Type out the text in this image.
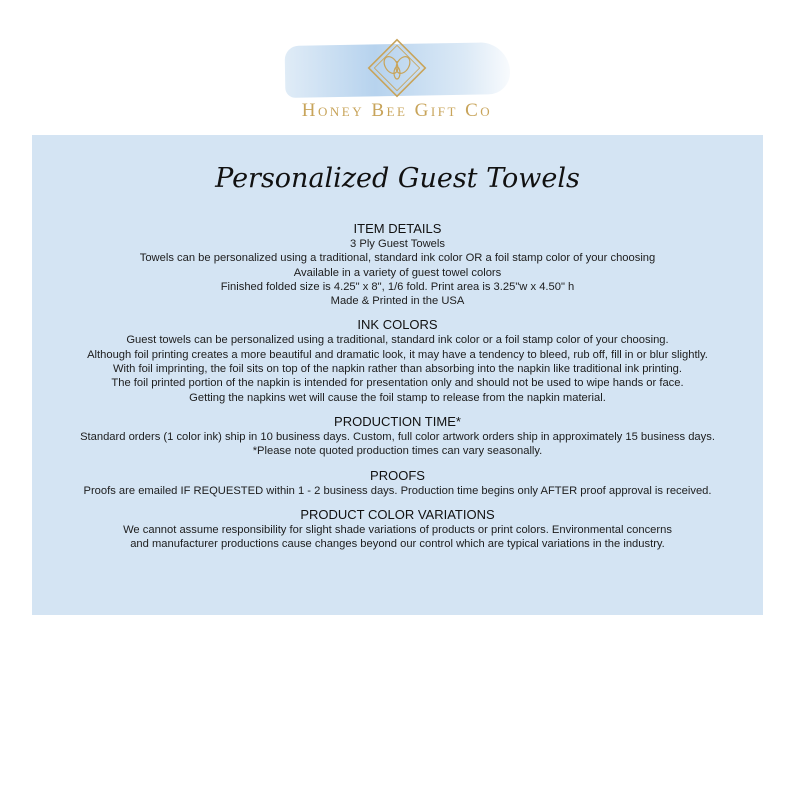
Honey Bee Gift Co
Personalized Guest Towels
ITEM DETAILS
3 Ply Guest Towels
Towels can be personalized using a traditional, standard ink color OR a foil stamp color of your choosing
Available in a variety of guest towel colors
Finished folded size is 4.25" x 8", 1/6 fold. Print area is 3.25"w x 4.50" h
Made & Printed in the USA
INK COLORS
Guest towels can be personalized using a traditional, standard ink color or a foil stamp color of your choosing.
Although foil printing creates a more beautiful and dramatic look, it may have a tendency to bleed, rub off, fill in or blur slightly.
With foil imprinting, the foil sits on top of the napkin rather than absorbing into the napkin like traditional ink printing.
The foil printed portion of the napkin is intended for presentation only and should not be used to wipe hands or face.
Getting the napkins wet will cause the foil stamp to release from the napkin material.
PRODUCTION TIME*
Standard orders (1 color ink) ship in 10 business days. Custom, full color artwork orders ship in approximately 15 business days.
*Please note quoted production times can vary seasonally.
PROOFS
Proofs are emailed IF REQUESTED within 1 - 2 business days. Production time begins only AFTER proof approval is received.
PRODUCT COLOR VARIATIONS
We cannot assume responsibility for slight shade variations of products or print colors. Environmental concerns
and manufacturer productions cause changes beyond our control which are typical variations in the industry.
